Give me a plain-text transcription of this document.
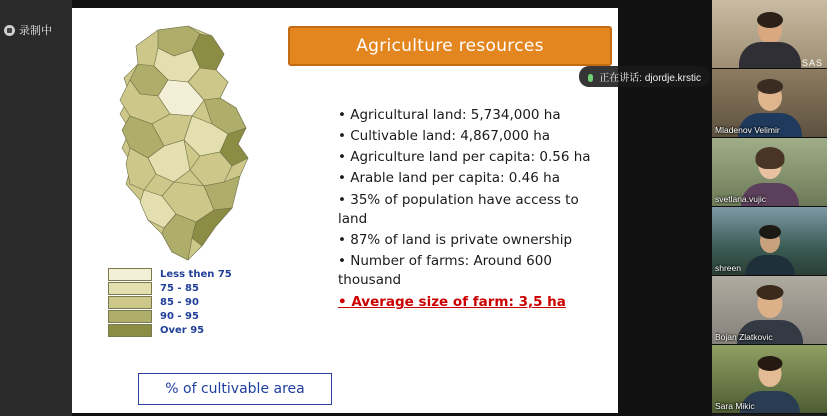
录制中
Less then 75
75 - 85
85 - 90
90 - 95
Over 95
% of cultivable area
Agriculture resources
• Agricultural land: 5,734,000 ha
• Cultivable land: 4,867,000 ha
• Agriculture land per capita: 0.56 ha
• Arable land per capita: 0.46 ha
• 35% of population have access to land
• 87% of land is private ownership
• Number of farms: Around 600 thousand
• Average size of farm: 3,5 ha
正在讲话: djordje.krstic
Mladenov Velimir
svetlana.vujic
shreen
Bojan Zlatkovic
Sara Mikic
SAS
